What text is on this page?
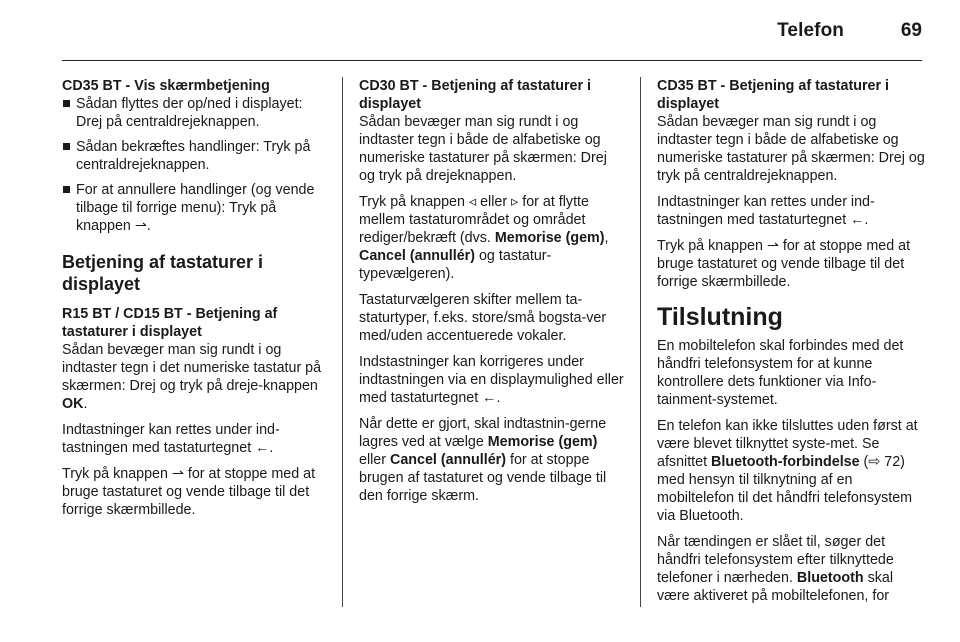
Telefon	69

CD35 BT - Vis skærmbetjening

Sådan flyttes der op/ned i displayet: Drej på centraldrejeknappen.
Sådan bekræftes handlinger: Tryk på centraldrejeknappen.
For at annullere handlinger (og vende tilbage til forrige menu): Tryk på knappen ⇀.
Betjening af tastaturer i displayet

R15 BT / CD15 BT - Betjening af tastaturer i displayet

Sådan bevæger man sig rundt i og indtaster tegn i det numeriske tastatur på skærmen: Drej og tryk på dreje-knappen OK.

Indtastninger kan rettes under ind-tastningen med tastaturtegnet ←.

Tryk på knappen ⇀ for at stoppe med at bruge tastaturet og vende tilbage til det forrige skærmbillede.

CD30 BT - Betjening af tastaturer i displayet

Sådan bevæger man sig rundt i og indtaster tegn i både de alfabetiske og numeriske tastaturer på skærmen: Drej og tryk på drejeknappen.

Tryk på knappen ◃ eller ▹ for at flytte mellem tastaturområdet og området rediger/bekræft (dvs. Memorise (gem), Cancel (annullér) og tastatur-typevælgeren).

Tastaturvælgeren skifter mellem ta-staturtyper, f.eks. store/små bogsta-ver med/uden accentuerede vokaler.

Indstastninger kan korrigeres under indtastningen via en displaymulighed eller med tastaturtegnet ←.

Når dette er gjort, skal indtastnin-gerne lagres ved at vælge Memorise (gem) eller Cancel (annullér) for at stoppe brugen af tastaturet og vende tilbage til den forrige skærm.

CD35 BT - Betjening af tastaturer i displayet

Sådan bevæger man sig rundt i og indtaster tegn i både de alfabetiske og numeriske tastaturer på skærmen: Drej og tryk på centraldrejeknappen.

Indtastninger kan rettes under ind-tastningen med tastaturtegnet ←.

Tryk på knappen ⇀ for at stoppe med at bruge tastaturet og vende tilbage til det forrige skærmbillede.

Tilslutning

En mobiltelefon skal forbindes med det håndfri telefonsystem for at kunne kontrollere dets funktioner via Info-tainment-systemet.

En telefon kan ikke tilsluttes uden først at være blevet tilknyttet syste-met. Se afsnittet Bluetooth-forbindelse (⇨ 72) med hensyn til tilknytning af en mobiltelefon til det håndfri telefonsystem via Bluetooth.

Når tændingen er slået til, søger det håndfri telefonsystem efter tilknyttede telefoner i nærheden. Bluetooth skal være aktiveret på mobiltelefonen, for
